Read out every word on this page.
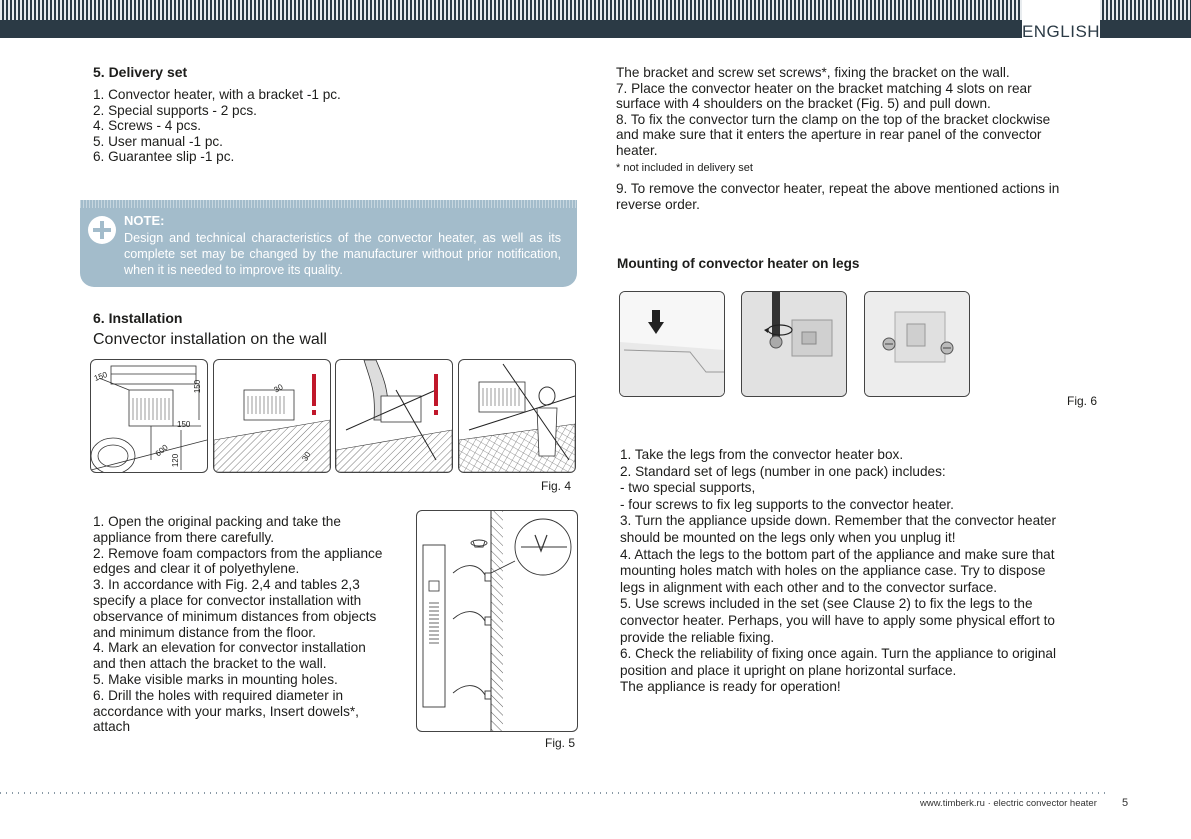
ENGLISH
5. Delivery set
1. Convector heater, with a bracket -1 pc.
2. Special supports - 2 pcs.
4. Screws - 4 pcs.
5. User manual -1 pc.
6. Guarantee slip -1 pc.
NOTE:
Design and technical characteristics of the convector heater, as well as its complete set may be changed by the manufacturer without prior notification, when it is needed to improve its quality.
6. Installation
Convector installation on the wall
150
150
150
600
120
30
30
Fig. 4
1. Open the original packing and take the
appliance from there carefully.
2. Remove foam compactors from the appliance
edges and clear it of polyethylene.
3. In accordance with Fig. 2,4 and tables 2,3
specify a place for convector installation with
observance of minimum distances from objects
and minimum distance from the floor.
4. Mark an elevation for convector installation
and then attach the bracket to the wall.
5. Make visible marks in mounting holes.
6. Drill the holes with required diameter in
accordance with your marks, Insert dowels*,
attach
Fig. 5
The bracket and screw set screws*, fixing the bracket on the wall.
7. Place the convector heater on the bracket matching 4 slots on rear
surface with 4 shoulders on the bracket (Fig. 5) and pull down.
8. To fix the convector turn the clamp on the top of the bracket clockwise
and make sure that it enters the aperture in rear panel of the convector
heater.
* not included in delivery set
9. To remove the convector heater, repeat the above mentioned actions in
reverse order.
Mounting of convector heater on legs
Fig. 6
1. Take the legs from the convector heater box.
2. Standard set of legs (number in one pack) includes:
- two special supports,
- four screws to fix leg supports to the convector heater.
3. Turn the appliance upside down. Remember that the convector heater
should be mounted on the legs only when you unplug it!
4. Attach the legs to the bottom part of the appliance and make sure that
mounting holes match with holes on the appliance case. Try to dispose
legs in alignment with each other and to the convector surface.
5. Use screws included in the set (see Clause 2) to fix the legs to the
convector heater. Perhaps, you will have to apply some physical effort to
provide the reliable fixing.
6. Check the reliability of fixing once again. Turn the appliance to original
position and place it upright on plane horizontal surface.
The appliance is ready for operation!
www.timberk.ru · electric convector heater 5
